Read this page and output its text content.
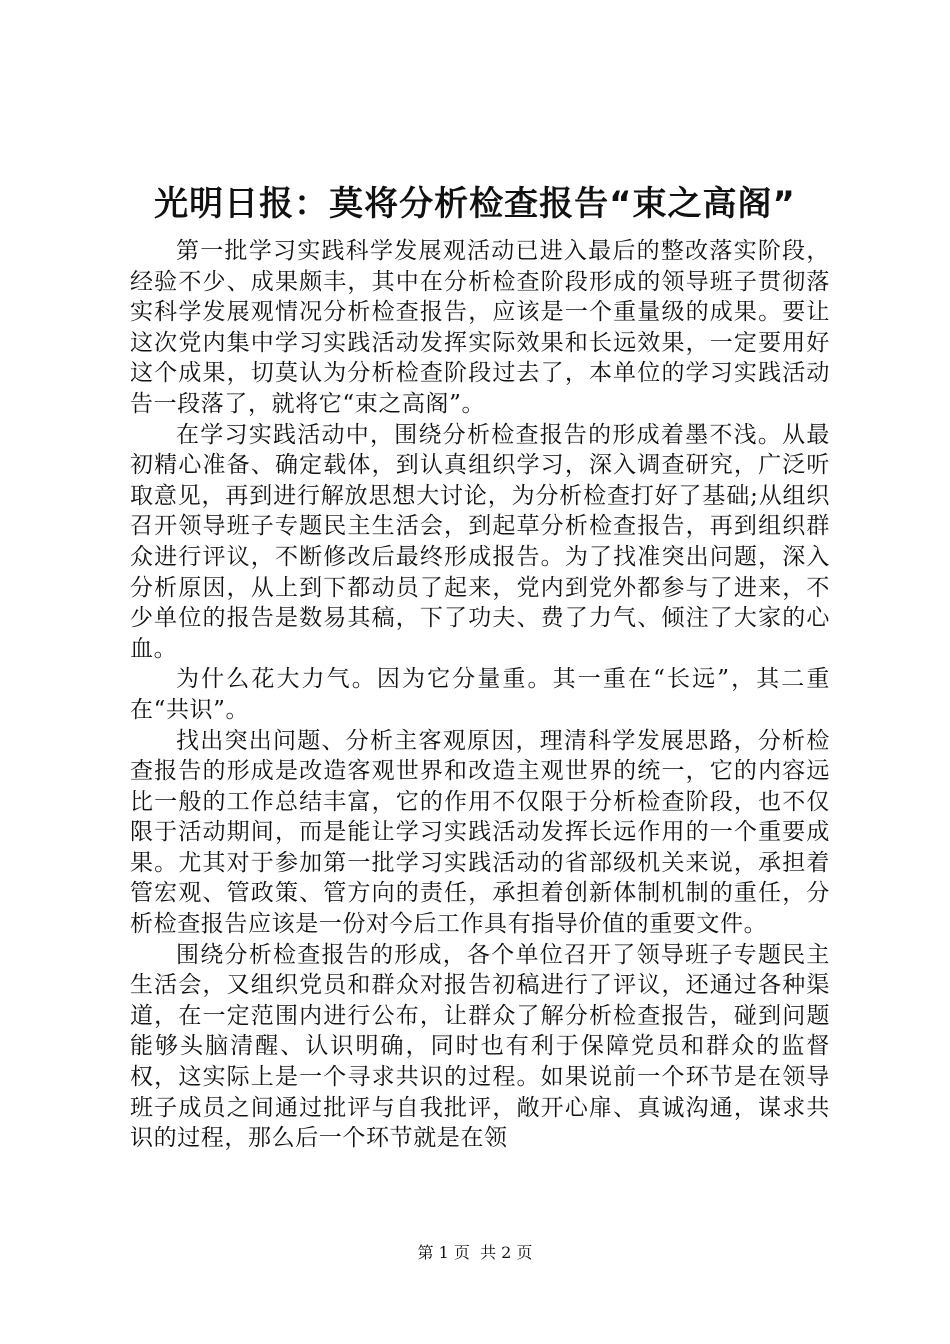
光明日报：莫将分析检查报告“束之高阁”

第一批学习实践科学发展观活动已进入最后的整改落实阶段，经验不少、成果颇丰，其中在分析检查阶段形成的领导班子贯彻落实科学发展观情况分析检查报告，应该是一个重量级的成果。要让这次党内集中学习实践活动发挥实际效果和长远效果，一定要用好这个成果，切莫认为分析检查阶段过去了，本单位的学习实践活动告一段落了，就将它“束之高阁”。

在学习实践活动中，围绕分析检查报告的形成着墨不浅。从最初精心准备、确定载体，到认真组织学习，深入调查研究，广泛听取意见，再到进行解放思想大讨论，为分析检查打好了基础;从组织召开领导班子专题民主生活会，到起草分析检查报告，再到组织群众进行评议，不断修改后最终形成报告。为了找准突出问题，深入分析原因，从上到下都动员了起来，党内到党外都参与了进来，不少单位的报告是数易其稿，下了功夫、费了力气、倾注了大家的心血。

为什么花大力气。因为它分量重。其一重在“长远”，其二重在“共识”。

找出突出问题、分析主客观原因，理清科学发展思路，分析检查报告的形成是改造客观世界和改造主观世界的统一，它的内容远比一般的工作总结丰富，它的作用不仅限于分析检查阶段，也不仅限于活动期间，而是能让学习实践活动发挥长远作用的一个重要成果。尤其对于参加第一批学习实践活动的省部级机关来说，承担着管宏观、管政策、管方向的责任，承担着创新体制机制的重任，分析检查报告应该是一份对今后工作具有指导价值的重要文件。

围绕分析检查报告的形成，各个单位召开了领导班子专题民主生活会，又组织党员和群众对报告初稿进行了评议，还通过各种渠道，在一定范围内进行公布，让群众了解分析检查报告，碰到问题能够头脑清醒、认识明确，同时也有利于保障党员和群众的监督权，这实际上是一个寻求共识的过程。如果说前一个环节是在领导班子成员之间通过批评与自我批评，敞开心扉、真诚沟通，谋求共识的过程，那么后一个环节就是在领

第 1 页  共 2 页
